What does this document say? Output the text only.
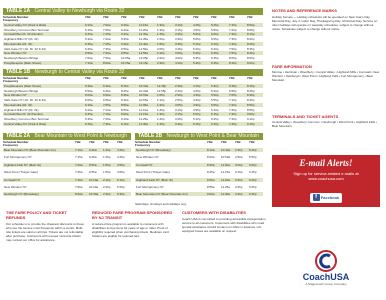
TABLE 1A Central Valley to Newburgh via Route 32
Schedule Number
Frequency
71B	71B	71B	71B	71B	71B	71B	71B	71B	71B
Central Valley NY (Park & Ride)	6:10a	7:00a	9:15a	11:15a	1:30p	3:10p	4:45p	5:45p	7:15p	8:00p
Woodbury Common Bus Terminal	6:15a	7:05a	9:20a	11:20a	1:35p	3:15p	4:50p	5:50p	7:20p	8:05p
Cornwall Bus Rt. 32 (Dunkin)	6:25a	7:15a	9:30a	11:30a	1:45p	3:25p	5:00p	6:00p	7:30p	8:15p
Highland Mills NY (Rt. 32)	6:30a	7:20a	9:35a	11:35a	1:50p	3:30p	5:05p	6:05p	7:35p	8:20p
Mountainville (Rt. 32)	6:35a	7:25a	9:40a	11:40a	1:55p	3:35p	5:10p	6:10p	7:40p	8:25p
Vails Gate NY (Jct. Rt. 32 & 94)	6:45a	7:35a	9:50a	11:50a	2:05p	3:45p	5:20p	6:20p	7:50p	8:35p
New Windsor NY	6:50a	7:40a	9:55a	11:55a	2:10p	3:50p	5:25p	6:25p	7:55p	8:40p
Newburgh Beacon Bridge	7:00a	7:50a	10:05a	12:05p	2:20p	4:00p	5:35p	6:35p	8:05p	8:50p
Poughkeepsie (Main Street)	7:10a	8:00a	10:15a	12:15p	2:30p	4:10p	5:45p	6:45p	8:15p	9:00p
TABLE 1B Newburgh to Central Valley via Route 32
Schedule Number
Frequency
71B	71B	71B	71B	71B	71B	71B	71B	71B	71B
Poughkeepsie (Main Street)	5:40a	6:30a	8:15a	10:30a	12:45p	2:30p	4:15p	5:30p	6:45p	8:15p
Newburgh Beacon Bridge	5:50a	6:40a	8:25a	10:40a	12:55p	2:40p	4:25p	5:40p	6:55p	8:25p
New Windsor NY	6:00a	6:50a	8:35a	10:50a	1:05p	2:50p	4:35p	5:50p	7:05p	8:35p
Vails Gate NY (Jct. Rt. 32 & 94)	6:05a	6:55a	8:40a	10:55a	1:10p	2:55p	4:40p	5:55p	7:10p	8:40p
Mountainville (Rt. 32)	6:15a	7:05a	8:50a	11:05a	1:20p	3:05p	4:50p	6:05p	7:20p	8:50p
Highland Mills NY (Rt. 32)	6:20a	7:10a	8:55a	11:10a	1:25p	3:10p	4:55p	6:10p	7:25p	8:55p
Cornwall Bus Rt. 32 (Dunkin)	6:25a	7:15a	9:00a	11:15a	1:30p	3:15p	5:00p	6:15p	7:30p	9:00p
Woodbury Common Bus Terminal	6:35a	7:25a	9:10a	11:25a	1:40p	3:25p	5:10p	6:25p	7:40p	9:10p
Central Valley NY (Park & Ride)	6:40a	7:30a	9:15a	11:30a	1:45p	3:30p	5:15p	6:30p	7:45p	9:15p
TABLE 2A Bear Mountain to West Point & Newburgh
Schedule Number
Frequency
71B	71B	71B	71B
Bear Mountain NY (Bear Mountain Inn)	7:10a 9:40a 1:40p 4:40p
Fort Montgomery NY	7:15a 9:45a 1:45p 4:45p
Highland Falls NY (Main St)	7:20a 9:50a 1:50p 4:50p
West Point (Thayer Gate)	7:25a 9:55a 1:55p 4:55p
Cornwall NY	7:40a 10:10a 2:10p 5:10p
New Windsor NY	7:50a 10:20a 2:20p 5:20p
Newburgh NY (Broadway)	8:00a 10:30a 2:30p 5:30p
TABLE 2B Newburgh to West Point & Bear Mountain
Schedule Number
Frequency
71B	71B	71B	71B
Newburgh NY (Broadway)	8:10a 10:40a 2:40p 5:40p
New Windsor NY	8:20a 10:50a 2:50p 5:50p
Cornwall NY	8:30a 11:00a 3:00p 6:00p
West Point (Thayer Gate)	8:45a 11:15a 3:15p 6:15p
Highland Falls NY (Main St)	8:50a 11:20a 3:20p 6:20p
Fort Montgomery NY	8:55a 11:25a 3:25p 6:25p
Bear Mountain NY (Bear Mountain Inn)	9:00a 11:30a 3:30p 6:30p
Saturdays, Sundays and Holidays only
THE FARE POLICY AND TICKET REFUNDS
Our schedule is to provide the cheapest discounts to those who use the service most frequently within a month. Multi-ride tickets are valid on all trips. Tickets are not refundable after purchase. Customers with unused multi-ride tickets may contact our office for assistance.
REDUCED FARE PROGRAM SPONSORED BY NJ TRANSIT
A reduced fare program is available to customers with disabilities and persons 62 years of age or older. Proof of eligibility required when purchasing tickets. Medicare card holders are eligible for reduced fare.
CUSTOMERS WITH DISABILITIES
Coach USA is committed to providing accessible transportation service to all customers. Customers with disabilities who need special assistance should contact our office in advance. Lift-equipped buses are available on request.
NOTES AND REFERENCE MARKS
Holiday Service — Holiday schedules will be operated on New Year's Day, Memorial Day, July 4, Labor Day, Thanksgiving Day, Christmas Day. Service on other holidays will operate on weekday schedules, subject to change without notice. Schedules subject to change without notice.
FARE INFORMATION
Monroe • Harriman • Woodbury • Central Valley • Highland Mills • Cornwall • New Windsor • Newburgh • West Point • Highland Falls • Fort Montgomery • Bear Mountain
TERMINALS AND TICKET AGENTS
Central Valley • Woodbury Common • Newburgh • West Point • Highland Falls • Bear Mountain
E-mail Alerts!
Sign up for service-related e-mails at www.coachusa.com
f Facebook
CoachUSA
A Stagecoach Group Company
